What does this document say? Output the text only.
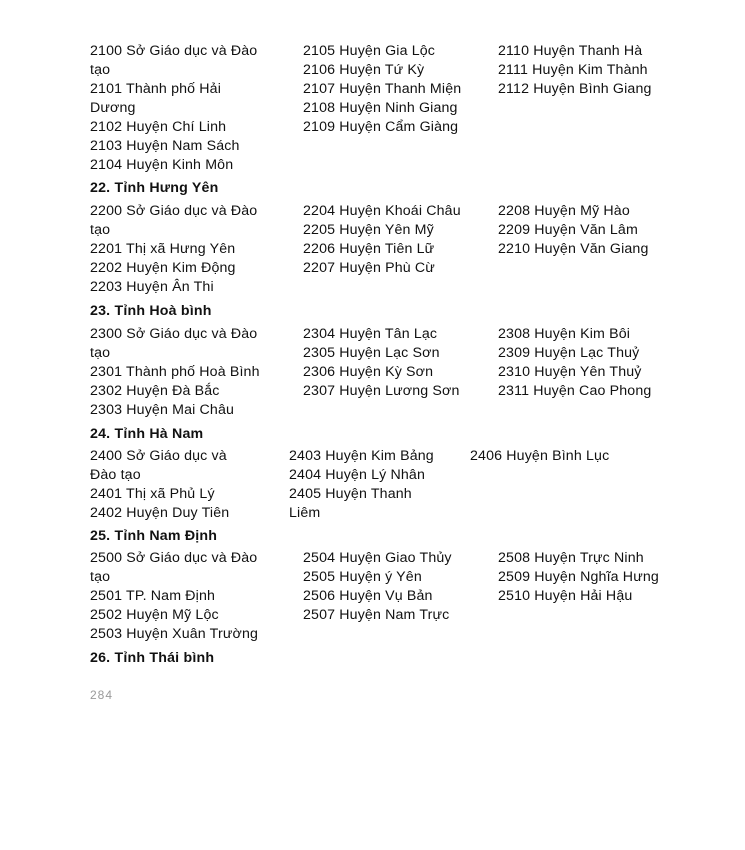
2100 Sở Giáo dục và Đào
tạo
2101 Thành phố Hải
Dương
2102 Huyện Chí Linh
2103 Huyện Nam Sách
2104 Huyện Kinh Môn
2105 Huyện Gia Lộc
2106 Huyện Tứ Kỳ
2107 Huyện Thanh Miện
2108 Huyện Ninh Giang
2109 Huyện Cẩm Giàng
2110 Huyện Thanh Hà
2111 Huyện Kim Thành
2112 Huyện Bình Giang
22. Tỉnh Hưng Yên
2200 Sở Giáo dục và Đào
tạo
2201 Thị xã Hưng Yên
2202 Huyện Kim Động
2203 Huyện Ân Thi
2204 Huyện Khoái Châu
2205 Huyện Yên Mỹ
2206 Huyện Tiên Lữ
2207 Huyện Phù Cừ
2208 Huyện Mỹ Hào
2209 Huyện Văn Lâm
2210 Huyện Văn Giang
23. Tỉnh Hoà bình
2300 Sở Giáo dục và Đào
tạo
2301 Thành phố Hoà Bình
2302 Huyện Đà Bắc
2303 Huyện Mai Châu
2304 Huyện Tân Lạc
2305 Huyện Lạc Sơn
2306 Huyện Kỳ Sơn
2307 Huyện Lương Sơn
2308 Huyện Kim Bôi
2309 Huyện Lạc Thuỷ
2310 Huyện Yên Thuỷ
2311 Huyện Cao Phong
24. Tỉnh Hà Nam
2400 Sở Giáo dục và
Đào tạo
2401 Thị xã Phủ Lý
2402 Huyện Duy Tiên
2403 Huyện Kim Bảng
2404 Huyện Lý Nhân
2405 Huyện Thanh
Liêm
2406 Huyện Bình Lục
25. Tỉnh Nam Định
2500 Sở Giáo dục và Đào
tạo
2501 TP. Nam Định
2502 Huyện Mỹ Lộc
2503 Huyện Xuân Trường
2504 Huyện Giao Thủy
2505 Huyện ý Yên
2506 Huyện Vụ Bản
2507 Huyện Nam Trực
2508 Huyện Trực Ninh
2509 Huyện Nghĩa Hưng
2510 Huyện Hải Hậu
26. Tỉnh Thái bình
284
